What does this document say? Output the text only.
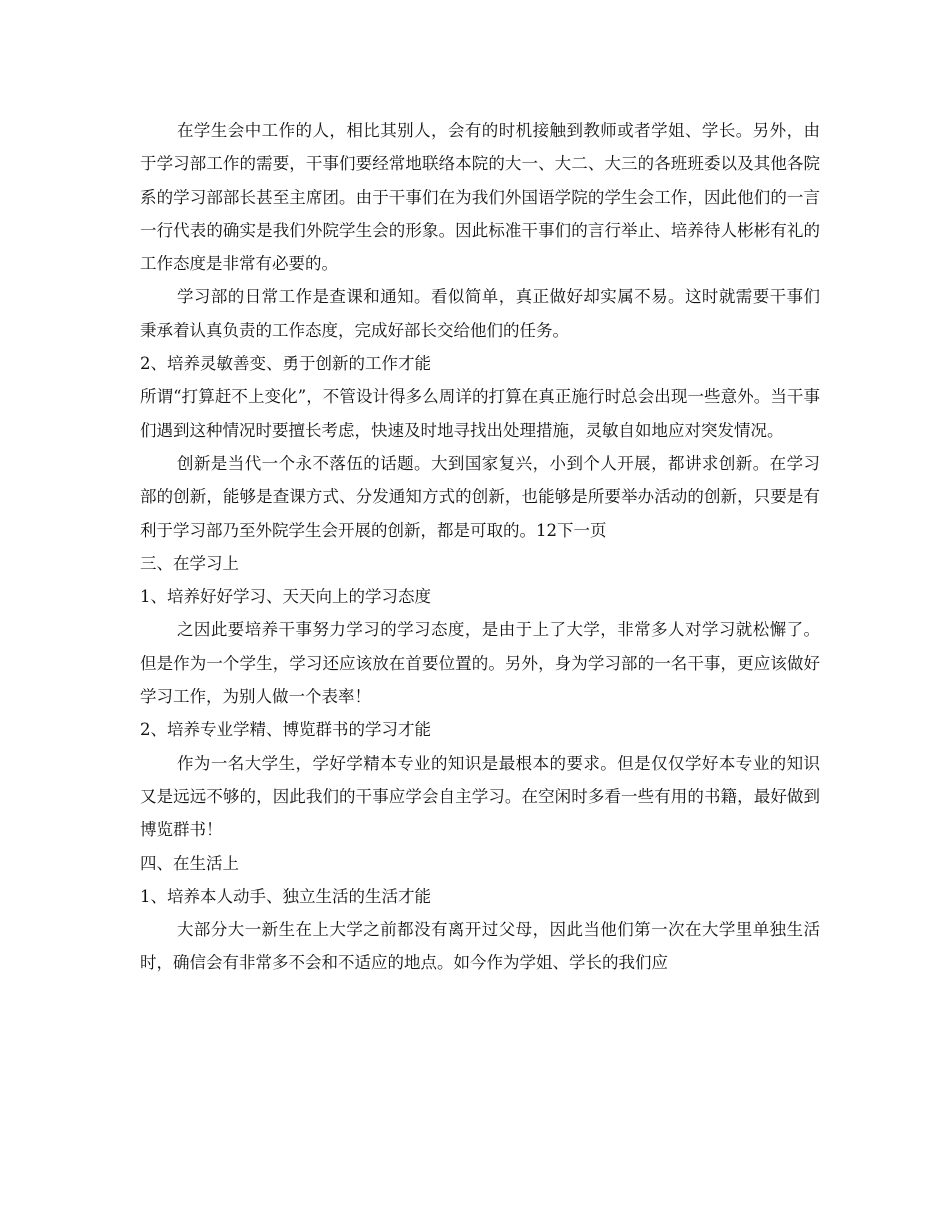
在学生会中工作的人，相比其别人，会有的时机接触到教师或者学姐、学长。另外，由于学习部工作的需要，干事们要经常地联络本院的大一、大二、大三的各班班委以及其他各院系的学习部部长甚至主席团。由于干事们在为我们外国语学院的学生会工作，因此他们的一言一行代表的确实是我们外院学生会的形象。因此标准干事们的言行举止、培养待人彬彬有礼的工作态度是非常有必要的。

学习部的日常工作是查课和通知。看似简单，真正做好却实属不易。这时就需要干事们秉承着认真负责的工作态度，完成好部长交给他们的任务。

2、培养灵敏善变、勇于创新的工作才能

所谓“打算赶不上变化”，不管设计得多么周详的打算在真正施行时总会出现一些意外。当干事们遇到这种情况时要擅长考虑，快速及时地寻找出处理措施，灵敏自如地应对突发情况。

创新是当代一个永不落伍的话题。大到国家复兴，小到个人开展，都讲求创新。在学习部的创新，能够是查课方式、分发通知方式的创新，也能够是所要举办活动的创新，只要是有利于学习部乃至外院学生会开展的创新，都是可取的。12下一页

三、在学习上

1、培养好好学习、天天向上的学习态度

之因此要培养干事努力学习的学习态度，是由于上了大学，非常多人对学习就松懈了。但是作为一个学生，学习还应该放在首要位置的。另外，身为学习部的一名干事，更应该做好学习工作，为别人做一个表率！

2、培养专业学精、博览群书的学习才能

作为一名大学生，学好学精本专业的知识是最根本的要求。但是仅仅学好本专业的知识又是远远不够的，因此我们的干事应学会自主学习。在空闲时多看一些有用的书籍，最好做到博览群书！

四、在生活上

1、培养本人动手、独立生活的生活才能

大部分大一新生在上大学之前都没有离开过父母，因此当他们第一次在大学里单独生活时，确信会有非常多不会和不适应的地点。如今作为学姐、学长的我们应
